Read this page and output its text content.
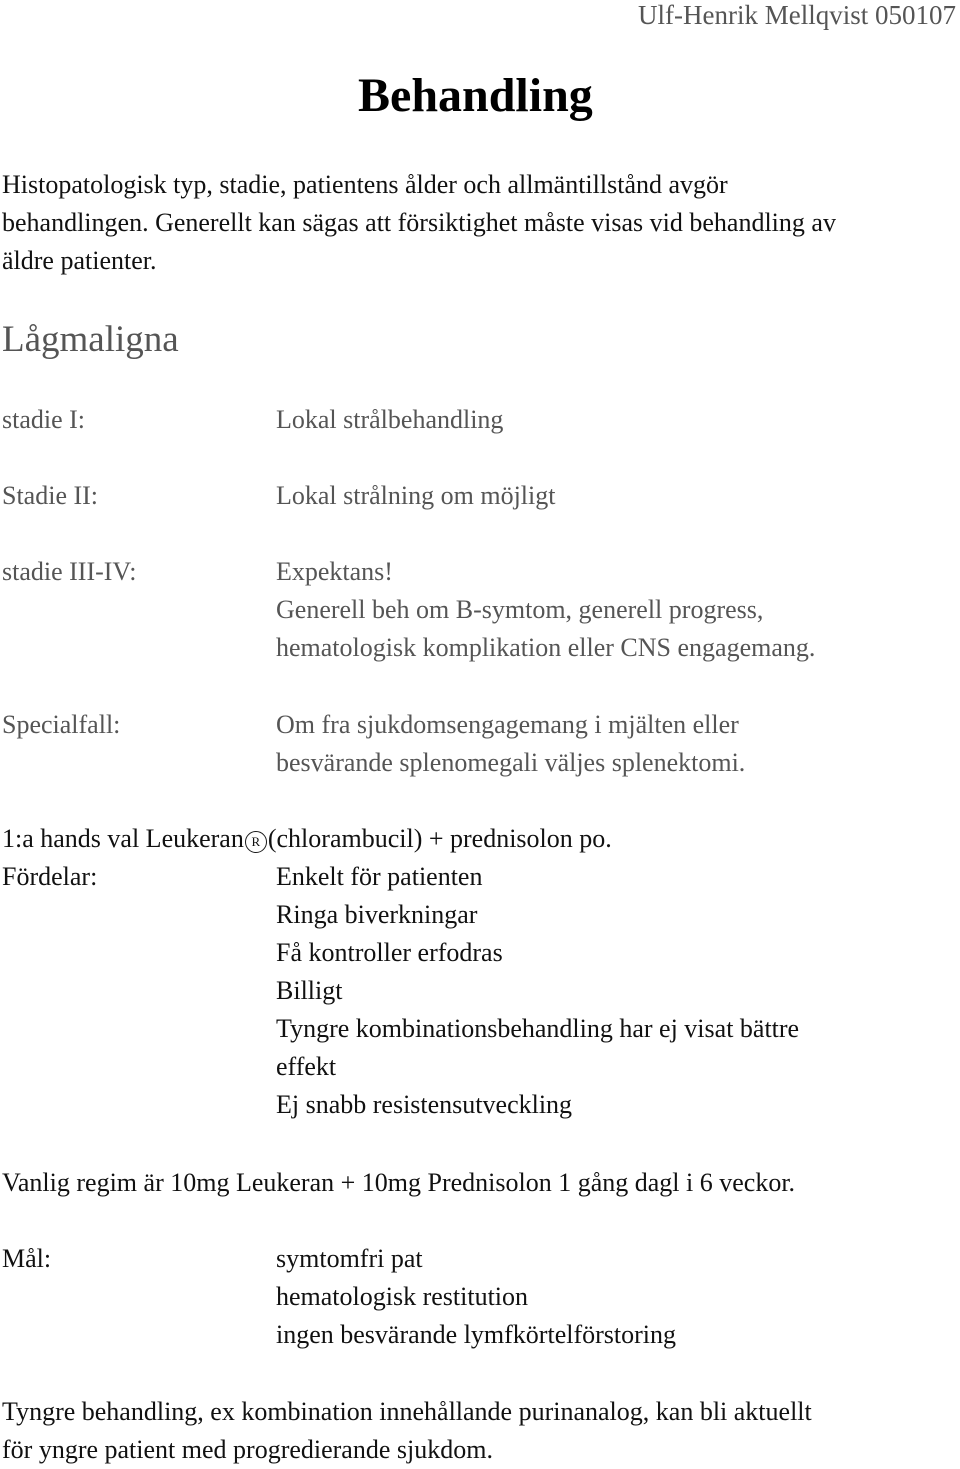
Ulf-Henrik Mellqvist 050107
Behandling
Histopatologisk typ, stadie, patientens ålder och allmäntillstånd avgör
behandlingen. Generellt kan sägas att försiktighet måste visas vid behandling av
äldre patienter.
Lågmaligna
stadie I:	Lokal strålbehandling
Stadie II:	Lokal strålning om möjligt
stadie III-IV:	Expektans!
Generell beh om B-symtom, generell progress,
hematologisk komplikation eller CNS engagemang.
Specialfall:	Om fra sjukdomsengagemang i mjälten eller
besvärande splenomegali väljes splenektomi.
1:a hands val Leukeran R (chlorambucil) + prednisolon po.
Fördelar:	Enkelt för patienten
Ringa biverkningar
Få kontroller erfodras
Billigt
Tyngre kombinationsbehandling har ej visat bättre
effekt
Ej snabb resistensutveckling
Vanlig regim är 10mg Leukeran + 10mg Prednisolon 1 gång dagl i 6 veckor.
Mål:	symtomfri pat
hematologisk restitution
ingen besvärande lymfkörtelförstoring
Tyngre behandling, ex kombination innehållande purinanalog, kan bli aktuellt
för yngre patient med progredierande sjukdom.
